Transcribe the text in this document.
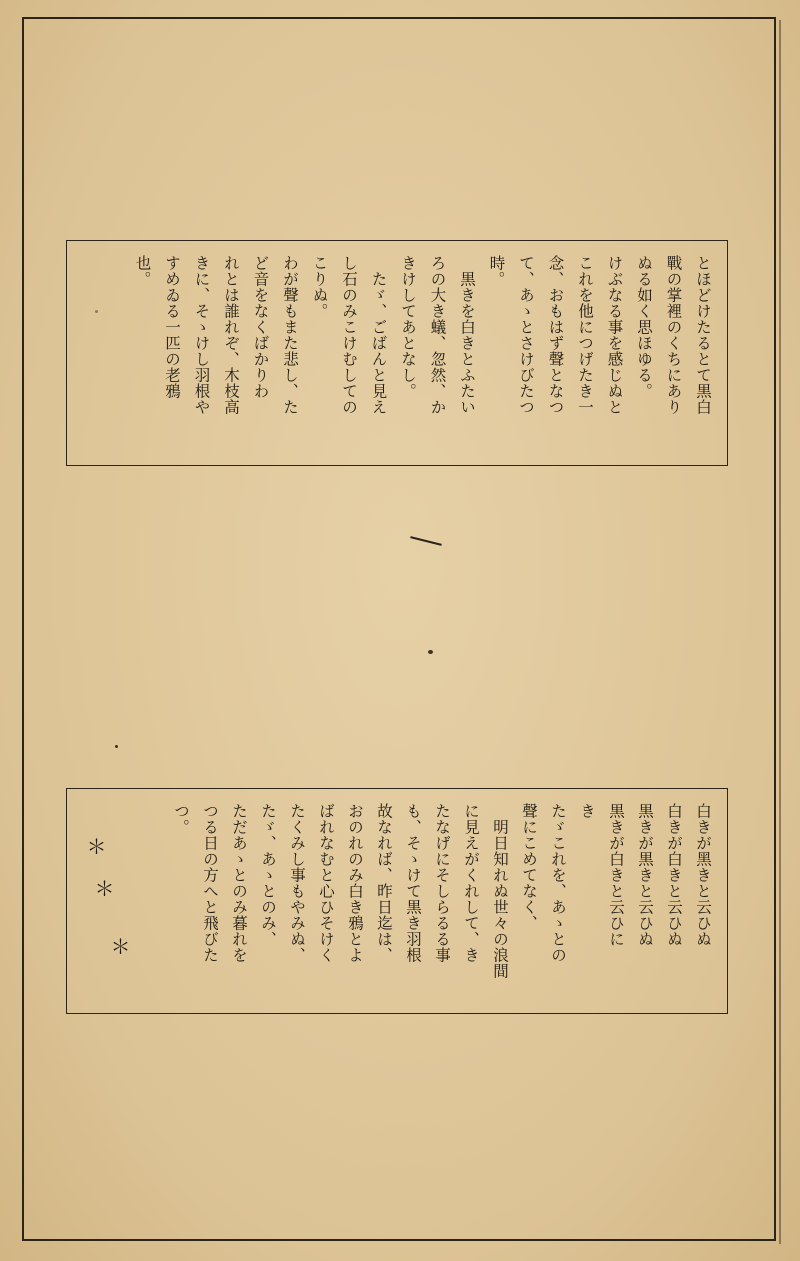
とほどけたるとて黒白
戰の掌裡のくちにあり
ぬる如く思ほゆる。
けぶなる事を感じぬと
これを他につげたき一
念、おもはず聲となつ
て、あゝとさけびたつ
時。
　黒きを白きとふたい
ろの大き蟻、忽然、か
きけしてあとなし。
　たゞ、ごばんと見え
し石のみこけむしての
こりぬ。
わが聲もまた悲し、た
ど音をなくばかりわ
れとは誰れぞ、木枝高
きに、そゝけし羽根や
すめゐる一匹の老鴉
也。
白きが黑きと云ひぬ
白きが白きと云ひぬ
黒きが黒きと云ひぬ
黒きが白きと云ひに
き
たゞこれを、あゝとの
聲にこめてなく、
　明日知れぬ世々の浪間
に見えがくれして、き
たなげにそしらるる事
も、そゝけて黒き羽根
故なれば、昨日迄は、
おのれのみ白き鴉とよ
ばれなむと心ひそけく
たくみし事もやみぬ、
たゞ、あゝとのみ、
ただあゝとのみ暮れを
つる日の方へと飛びた
つ。
＊
＊
＊
